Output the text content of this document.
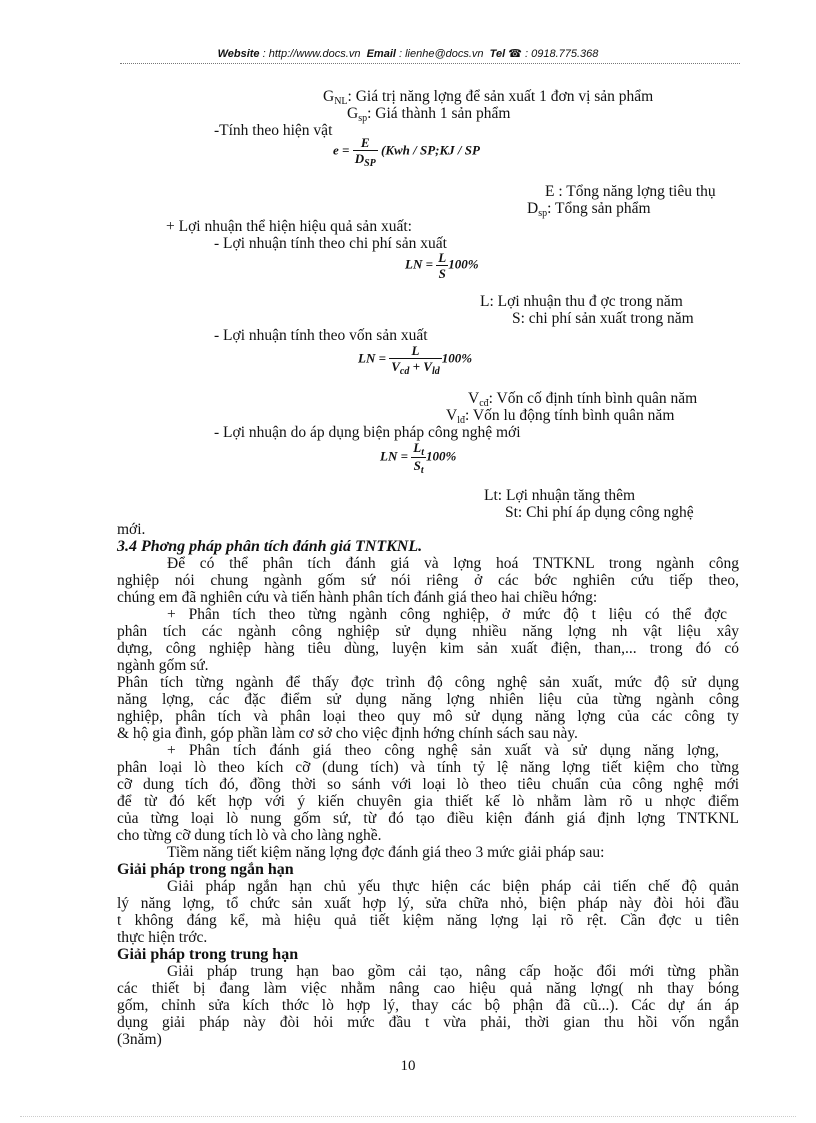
Website : http://www.docs.vn Email : lienhe@docs.vn Tel ☎ : 0918.775.368
GNL: Giá trị năng lợng để sản xuất 1 đơn vị sản phẩm
Gsp: Giá thành 1 sản phẩm
-Tính theo hiện vật
$e = \frac{E}{D_{SP}} (Kwh$ / SP;KJ / SP
E : Tổng năng lợng tiêu thụ
Dsp: Tổng sản phẩm
+ Lợi nhuận thể hiện hiệu quả sản xuất:
- Lợi nhuận tính theo chi phí sản xuất
LN = $\frac{L}{S} 100\%$
L: Lợi nhuận thu đ ợc trong năm
S: chi phí sản xuất trong năm
- Lợi nhuận tính theo vốn sản xuất
LN = $\frac{L}{V_{cd} + V_{ld}} 100\%$
Vcđ: Vốn cố định tính bình quân năm
Vlđ: Vốn lu động tính bình quân năm
- Lợi nhuận do áp dụng biện pháp công nghệ mới
LN = $\frac{L_t}{S_t} 100\%$
Lt: Lợi nhuận tăng thêm
St: Chi phí áp dụng công nghệ
mới.
3.4 Phơng pháp phân tích đánh giá TNTKNL.
Để có thể phân tích đánh giá và lợng hoá TNTKNL trong ngành công
nghiệp nói chung ngành gốm sứ nói riêng ở các bớc nghiên cứu tiếp theo,
chúng em đã nghiên cứu và tiến hành phân tích đánh giá theo hai chiều hớng:
+ Phân tích theo từng ngành công nghiệp, ở mức độ t liệu có thể đợc
phân tích các ngành công nghiệp sử dụng nhiều năng lợng nh vật liệu xây
dựng, công nghiệp hàng tiêu dùng, luyện kim sản xuất điện, than,... trong đó có
ngành gốm sứ.
Phân tích từng ngành để thấy đợc trình độ công nghệ sản xuất, mức độ sử dụng
năng lợng, các đặc điểm sử dụng năng lợng nhiên liệu của từng ngành công
nghiệp, phân tích và phân loại theo quy mô sử dụng năng lợng của các công ty
& hộ gia đình, góp phần làm cơ sở cho việc định hớng chính sách sau này.
+ Phân tích đánh giá theo công nghệ sản xuất và sử dụng năng lợng,
phân loại lò theo kích cỡ (dung tích) và tính tỷ lệ năng lợng tiết kiệm cho từng
cỡ dung tích đó, đồng thời so sánh với loại lò theo tiêu chuẩn của công nghệ mới
để từ đó kết hợp với ý kiến chuyên gia thiết kế lò nhằm làm rõ u nhợc điểm
của từng loại lò nung gốm sứ, từ đó tạo điều kiện đánh giá định lợng TNTKNL
cho từng cỡ dung tích lò và cho làng nghề.
Tiềm năng tiết kiệm năng lợng đợc đánh giá theo 3 mức giải pháp sau:
Giải pháp trong ngắn hạn
Giải pháp ngắn hạn chủ yếu thực hiện các biện pháp cải tiến chế độ quản
lý năng lợng, tổ chức sản xuất hợp lý, sửa chữa nhỏ, biện pháp này đòi hỏi đầu
t không đáng kể, mà hiệu quả tiết kiệm năng lợng lại rõ rệt. Cần đợc u tiên
thực hiện trớc.
Giải pháp trong trung hạn
Giải pháp trung hạn bao gồm cải tạo, nâng cấp hoặc đổi mới từng phần
các thiết bị đang làm việc nhằm nâng cao hiệu quả năng lợng( nh thay bóng
gốm, chỉnh sửa kích thớc lò hợp lý, thay các bộ phận đã cũ...). Các dự án áp
dụng giải pháp này đòi hỏi mức đầu t vừa phải, thời gian thu hồi vốn ngắn
(3năm)
10
